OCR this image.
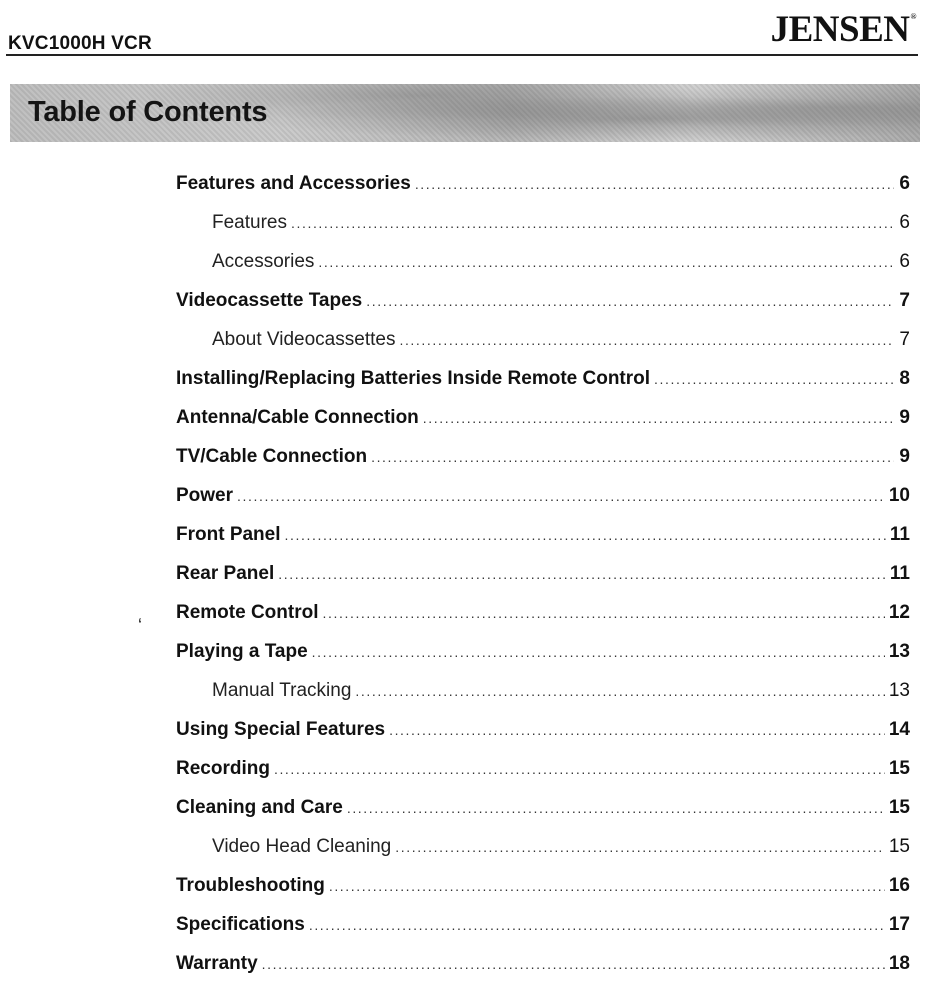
KVC1000H VCR	JENSEN®
Table of Contents
ʻ
Features and Accessories .....	6
Features .....	6
Accessories .....	6
Videocassette Tapes .....	7
About Videocassettes .....	7
Installing/Replacing Batteries Inside Remote Control .....	8
Antenna/Cable Connection .....	9
TV/Cable Connection .....	9
Power .....	10
Front Panel .....	11
Rear Panel .....	11
Remote Control .....	12
Playing a Tape .....	13
Manual Tracking .....	13
Using Special Features .....	14
Recording .....	15
Cleaning and Care .....	15
Video Head Cleaning .....	15
Troubleshooting .....	16
Specifications .....	17
Warranty .....	18
